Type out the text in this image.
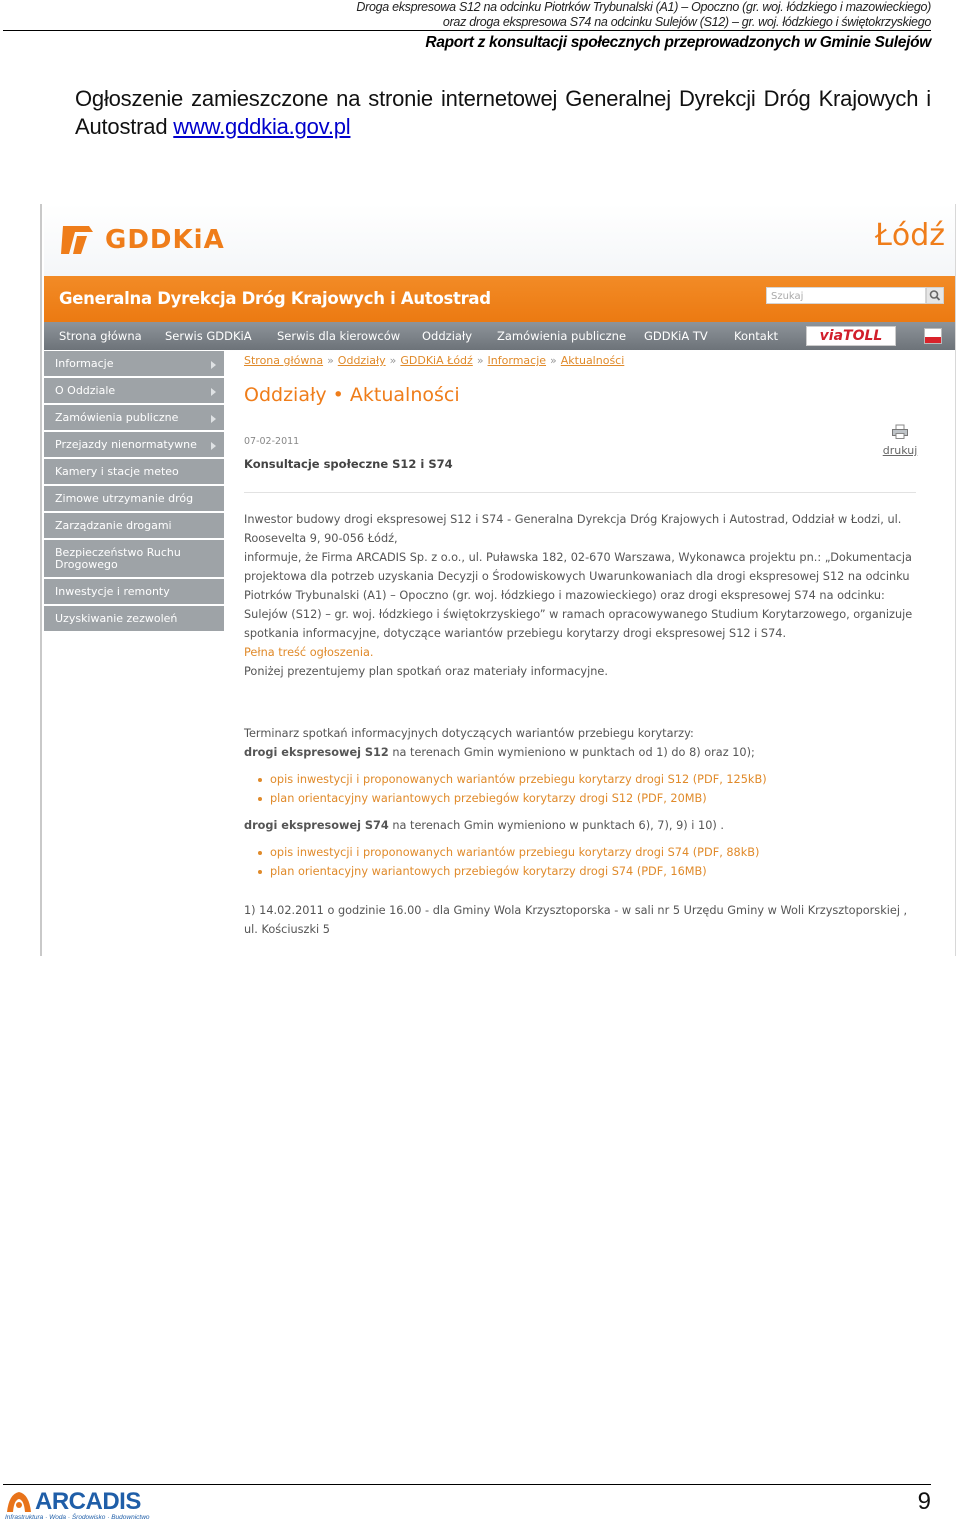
Droga ekspresowa S12 na odcinku Piotrków Trybunalski (A1) – Opoczno (gr. woj. łódzkiego i mazowieckiego)
oraz droga ekspresowa S74 na odcinku Sulejów (S12) – gr. woj. łódzkiego i świętokrzyskiego
Raport z konsultacji społecznych przeprowadzonych w Gminie Sulejów
Ogłoszenie zamieszczone na stronie internetowej Generalnej Dyrekcji Dróg Krajowych i Autostrad www.gddkia.gov.pl
GDDKiA	Łódź
Generalna Dyrekcja Dróg Krajowych i Autostrad	Szukaj
Strona główna Serwis GDDKiA Serwis dla kierowców Oddziały Zamówienia publiczne GDDKiA TV Kontakt	viaTOLL
Informacje
O Oddziale
Zamówienia publiczne
Przejazdy nienormatywne
Kamery i stacje meteo
Zimowe utrzymanie dróg
Zarządzanie drogami
Bezpieczeństwo Ruchu Drogowego
Inwestycje i remonty
Uzyskiwanie zezwoleń
Strona główna » Oddziały » GDDKiA Łódź » Informacje » Aktualności
Oddziały • Aktualności
07-02-2011
Konsultacje społeczne S12 i S74
drukuj
Inwestor budowy drogi ekspresowej S12 i S74 - Generalna Dyrekcja Dróg Krajowych i Autostrad, Oddział w Łodzi, ul. Roosevelta 9, 90-056 Łódź,
informuje, że Firma ARCADIS Sp. z o.o., ul. Puławska 182, 02-670 Warszawa, Wykonawca projektu pn.: „Dokumentacja projektowa dla potrzeb uzyskania Decyzji o Środowiskowych Uwarunkowaniach dla drogi ekspresowej S12 na odcinku Piotrków Trybunalski (A1) – Opoczno (gr. woj. łódzkiego i mazowieckiego) oraz drogi ekspresowej S74 na odcinku: Sulejów (S12) – gr. woj. łódzkiego i świętokrzyskiego” w ramach opracowywanego Studium Korytarzowego, organizuje spotkania informacyjne, dotyczące wariantów przebiegu korytarzy drogi ekspresowej S12 i S74.
Pełna treść ogłoszenia.
Poniżej prezentujemy plan spotkań oraz materiały informacyjne.
Terminarz spotkań informacyjnych dotyczących wariantów przebiegu korytarzy:
drogi ekspresowej S12 na terenach Gmin wymieniono w punktach od 1) do 8) oraz 10);
opis inwestycji i proponowanych wariantów przebiegu korytarzy drogi S12 (PDF, 125kB)
plan orientacyjny wariantowych przebiegów korytarzy drogi S12 (PDF, 20MB)
drogi ekspresowej S74 na terenach Gmin wymieniono w punktach 6), 7), 9) i 10) .
opis inwestycji i proponowanych wariantów przebiegu korytarzy drogi S74 (PDF, 88kB)
plan orientacyjny wariantowych przebiegów korytarzy drogi S74 (PDF, 16MB)
1) 14.02.2011 o godzinie 16.00 - dla Gminy Wola Krzysztoporska - w sali nr 5 Urzędu Gminy w Woli Krzysztoporskiej , ul. Kościuszki 5
ARCADIS
Infrastruktura · Woda · Środowisko · Budownictwo
9
